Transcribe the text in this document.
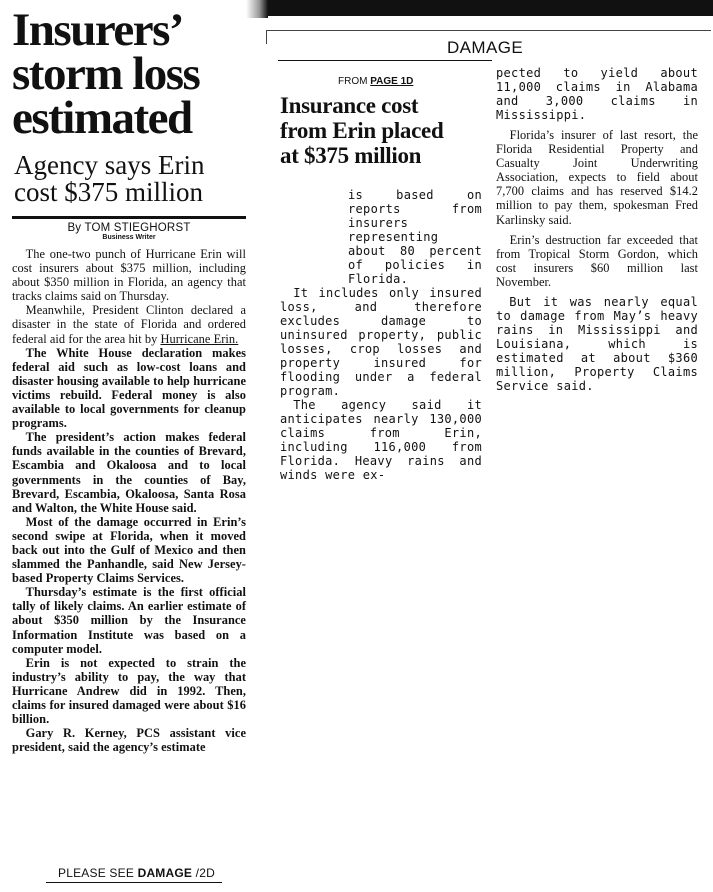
Insurers’
storm loss
estimated
Agency says Erin
cost $375 million

By TOM STIEGHORST

Business Writer

The one-two punch of Hurricane Erin will cost insurers about $375 million, including about $350 million in Florida, an agency that tracks claims said on Thursday.

Meanwhile, President Clinton declared a disaster in the state of Florida and ordered federal aid for the area hit by Hurricane Erin.

The White House declaration makes federal aid such as low-cost loans and disaster housing available to help hurricane victims rebuild. Federal money is also available to local governments for cleanup programs.

The president’s action makes federal funds available in the counties of Brevard, Escambia and Okaloosa and to local governments in the counties of Bay, Brevard, Escambia, Okaloosa, Santa Rosa and Walton, the White House said.

Most of the damage occurred in Erin’s second swipe at Florida, when it moved back out into the Gulf of Mexico and then slammed the Panhandle, said New Jersey-based Property Claims Services.

Thursday’s estimate is the first official tally of likely claims. An earlier estimate of about $350 million by the Insurance Information Institute was based on a computer model.

Erin is not expected to strain the industry’s ability to pay, the way that Hurricane Andrew did in 1992. Then, claims for insured damaged were about $16 billion.

Gary R. Kerney, PCS assistant vice president, said the agency’s estimate

PLEASE SEE DAMAGE /2D
DAMAGE
FROM PAGE 1D
Insurance cost
from Erin placed
at $375 million

is based on reports from insurers representing about 80 percent of policies in Florida.

It includes only insured loss, and therefore excludes damage to uninsured property, public losses, crop losses and property insured for flooding under a federal program.

The agency said it anticipates nearly 130,000 claims from Erin, including 116,000 from Florida. Heavy rains and winds were ex-

pected to yield about 11,000 claims in Alabama and 3,000 claims in Mississippi.

Florida’s insurer of last resort, the Florida Residential Property and Casualty Joint Underwriting Association, expects to field about 7,700 claims and has reserved $14.2 million to pay them, spokesman Fred Karlinsky said.

Erin’s destruction far exceeded that from Tropical Storm Gordon, which cost insurers $60 million last November.

But it was nearly equal to damage from May’s heavy rains in Mississippi and Louisiana, which is estimated at about $360 million, Property Claims Service said.
